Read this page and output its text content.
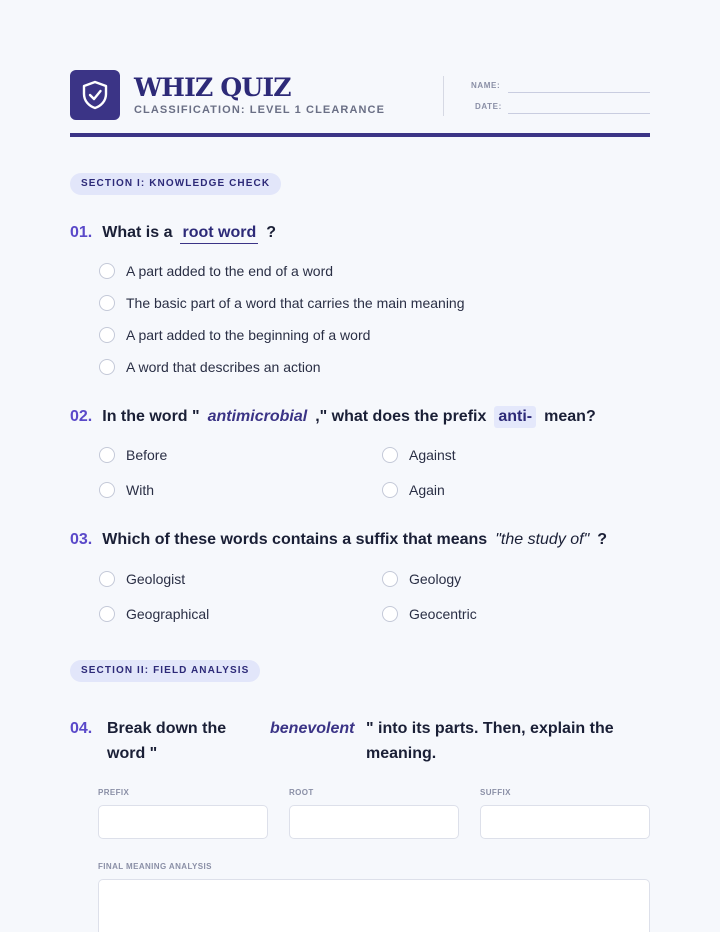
WHIZ QUIZ
CLASSIFICATION: LEVEL 1 CLEARANCE
NAME:
DATE:
SECTION I: KNOWLEDGE CHECK
01. What is a root word ?
A part added to the end of a word
The basic part of a word that carries the main meaning
A part added to the beginning of a word
A word that describes an action
02. In the word " antimicrobial ," what does the prefix anti- mean?
Before	Against
With	Again
03. Which of these words contains a suffix that means "the study of" ?
Geologist	Geology
Geographical	Geocentric
SECTION II: FIELD ANALYSIS
04. Break down the
word "
benevolent " into its parts. Then, explain the
meaning.
PREFIX	ROOT	SUFFIX
FINAL MEANING ANALYSIS
